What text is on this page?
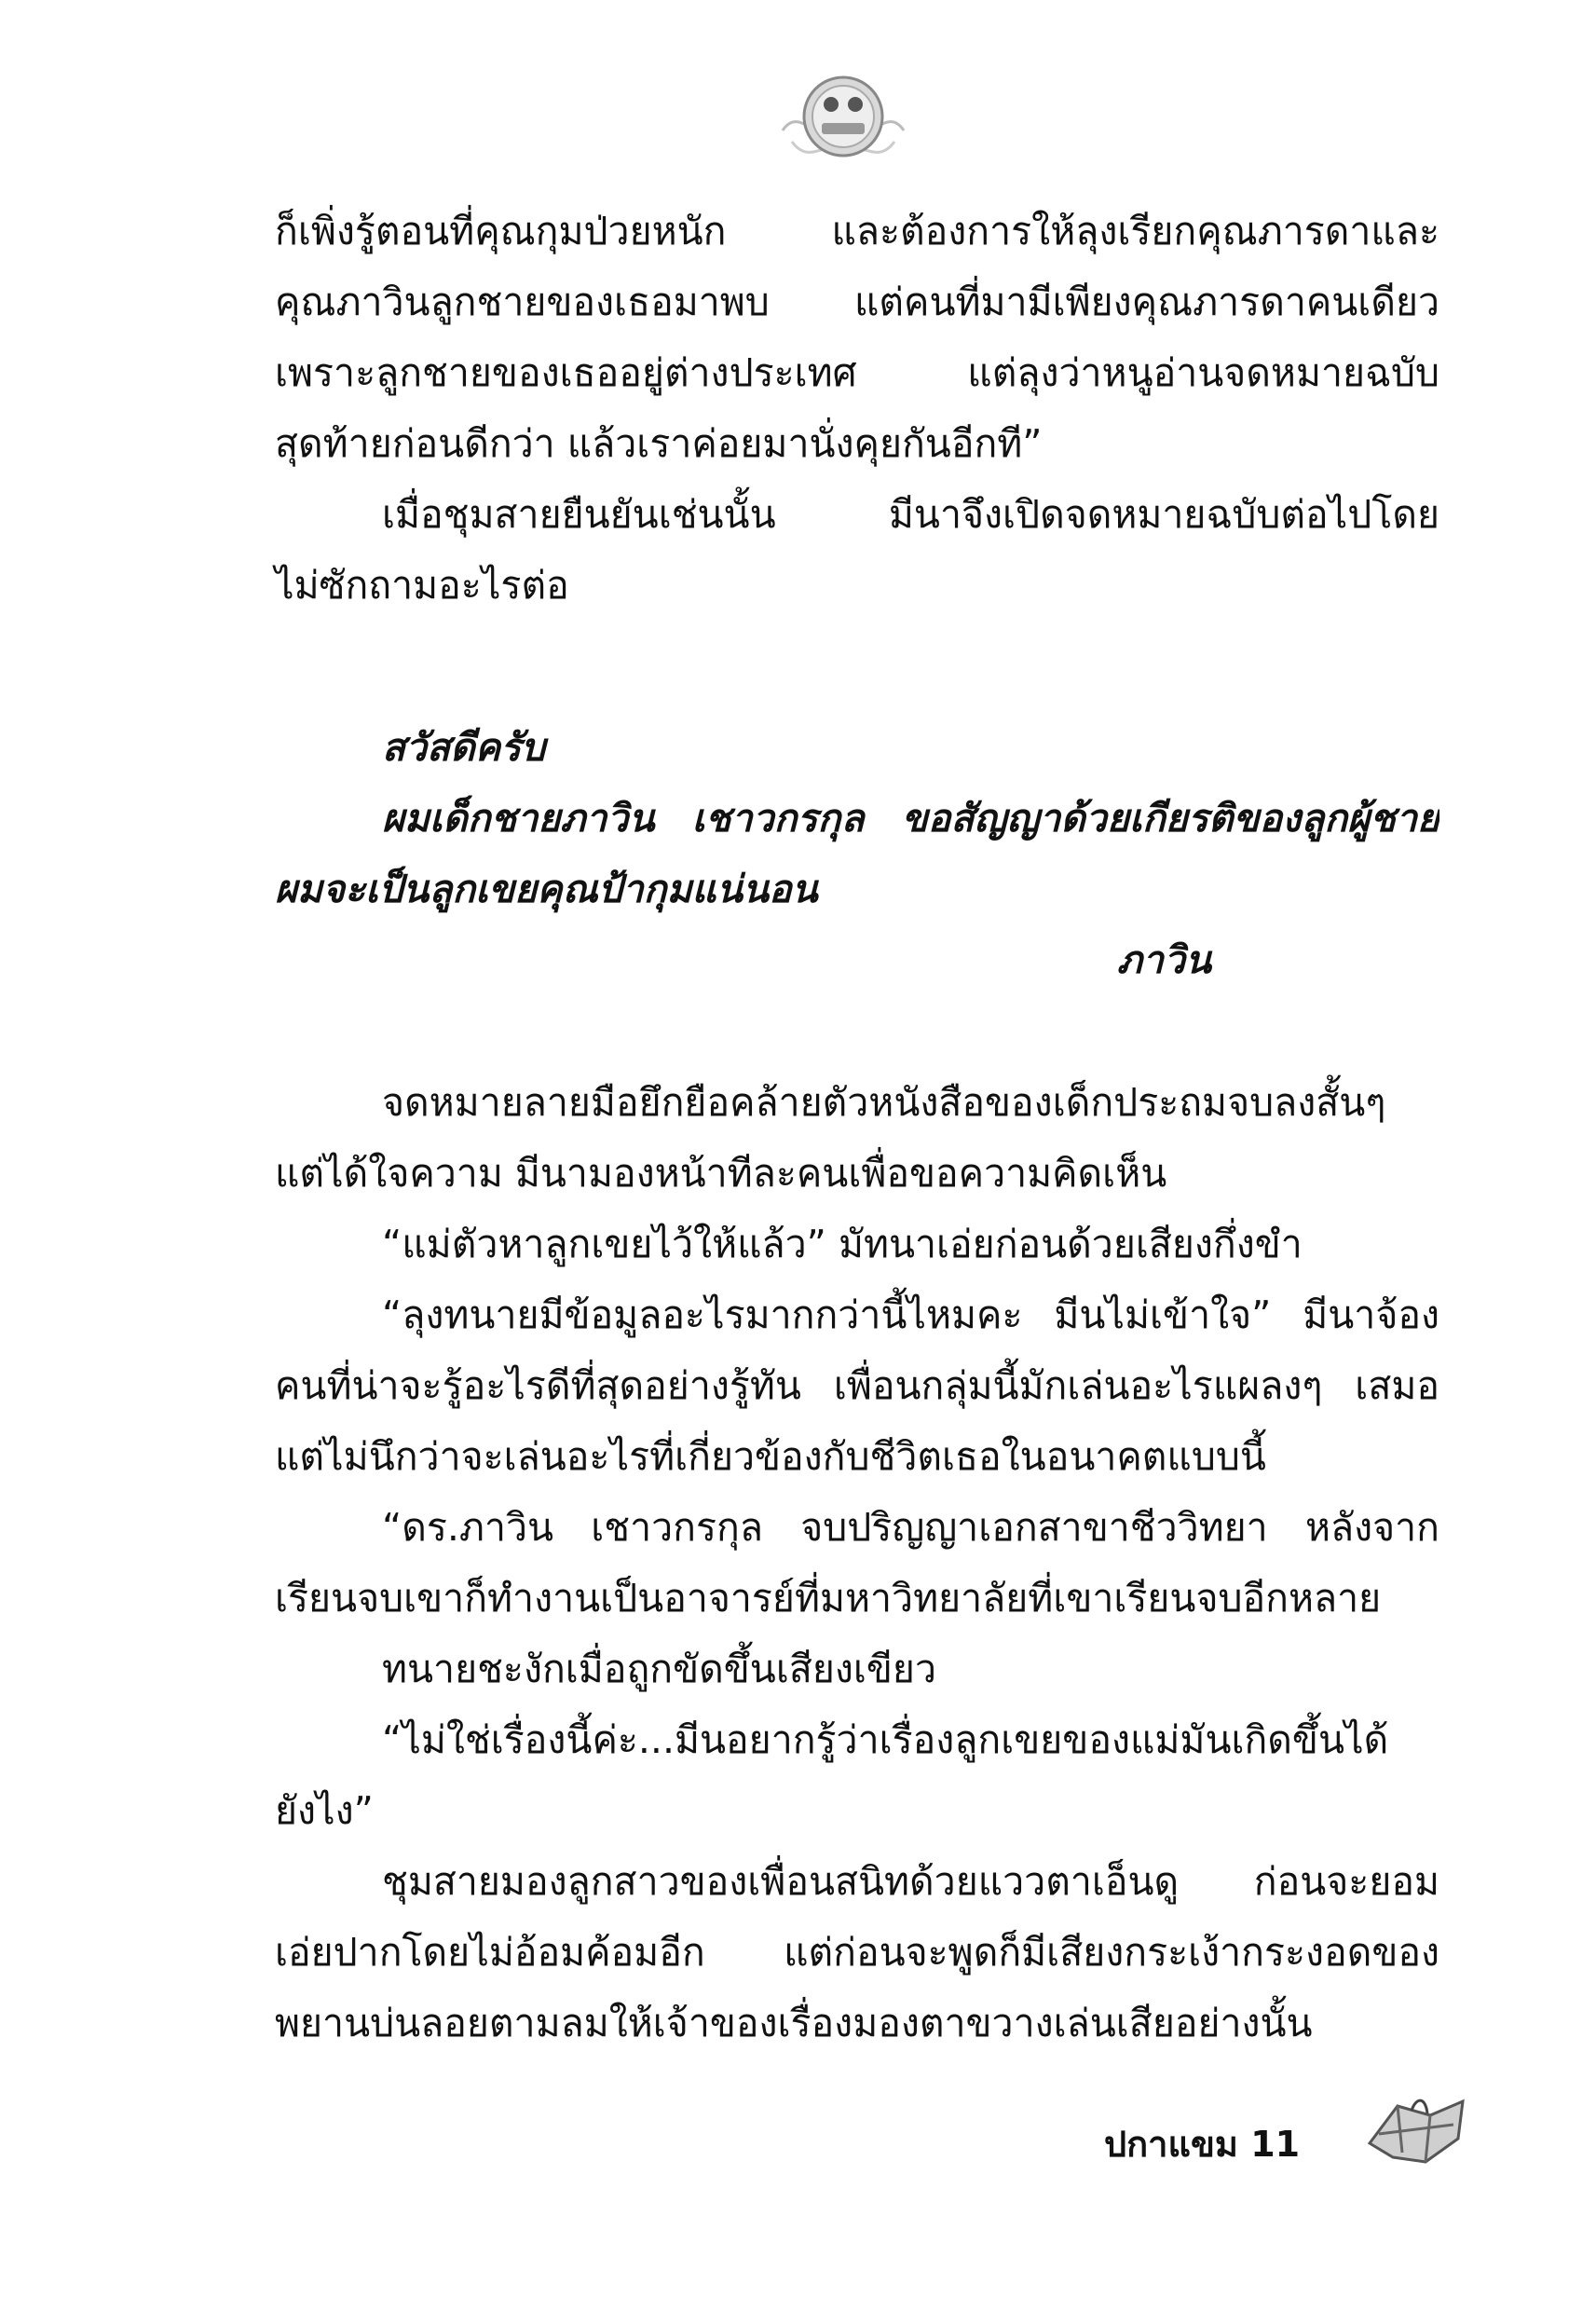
ก็เพิ่งรู้ตอนที่คุณกุมป่วยหนัก และต้องการให้ลุงเรียกคุณภารดาและ
คุณภาวินลูกชายของเธอมาพบ แต่คนที่มามีเพียงคุณภารดาคนเดียว
เพราะลูกชายของเธออยู่ต่างประเทศ แต่ลุงว่าหนูอ่านจดหมายฉบับ
สุดท้ายก่อนดีกว่า แล้วเราค่อยมานั่งคุยกันอีกที”
เมื่อชุมสายยืนยันเช่นนั้น มีนาจึงเปิดจดหมายฉบับต่อไปโดย
ไม่ซักถามอะไรต่อ
สวัสดีครับ
ผมเด็กชายภาวิน เชาวกรกุล ขอสัญญาด้วยเกียรติของลูกผู้ชาย
ผมจะเป็นลูกเขยคุณป้ากุมแน่นอน
ภาวิน
จดหมายลายมือยึกยือคล้ายตัวหนังสือของเด็กประถมจบลงสั้นๆ
แต่ได้ใจความ มีนามองหน้าทีละคนเพื่อขอความคิดเห็น
“แม่ตัวหาลูกเขยไว้ให้แล้ว” มัทนาเอ่ยก่อนด้วยเสียงกึ่งขำ
“ลุงทนายมีข้อมูลอะไรมากกว่านี้ไหมคะ มีนไม่เข้าใจ” มีนาจ้อง
คนที่น่าจะรู้อะไรดีที่สุดอย่างรู้ทัน เพื่อนกลุ่มนี้มักเล่นอะไรแผลงๆ เสมอ
แต่ไม่นึกว่าจะเล่นอะไรที่เกี่ยวข้องกับชีวิตเธอในอนาคตแบบนี้
“ดร.ภาวิน เชาวกรกุล จบปริญญาเอกสาขาชีววิทยา หลังจาก
เรียนจบเขาก็ทำงานเป็นอาจารย์ที่มหาวิทยาลัยที่เขาเรียนจบอีกหลาย
ทนายชะงักเมื่อถูกขัดขึ้นเสียงเขียว
“ไม่ใช่เรื่องนี้ค่ะ...มีนอยากรู้ว่าเรื่องลูกเขยของแม่มันเกิดขึ้นได้
ยังไง”
ชุมสายมองลูกสาวของเพื่อนสนิทด้วยแววตาเอ็นดู ก่อนจะยอม
เอ่ยปากโดยไม่อ้อมค้อมอีก แต่ก่อนจะพูดก็มีเสียงกระเง้ากระงอดของ
พยานบ่นลอยตามลมให้เจ้าของเรื่องมองตาขวางเล่นเสียอย่างนั้น
ปกาแขม 11
